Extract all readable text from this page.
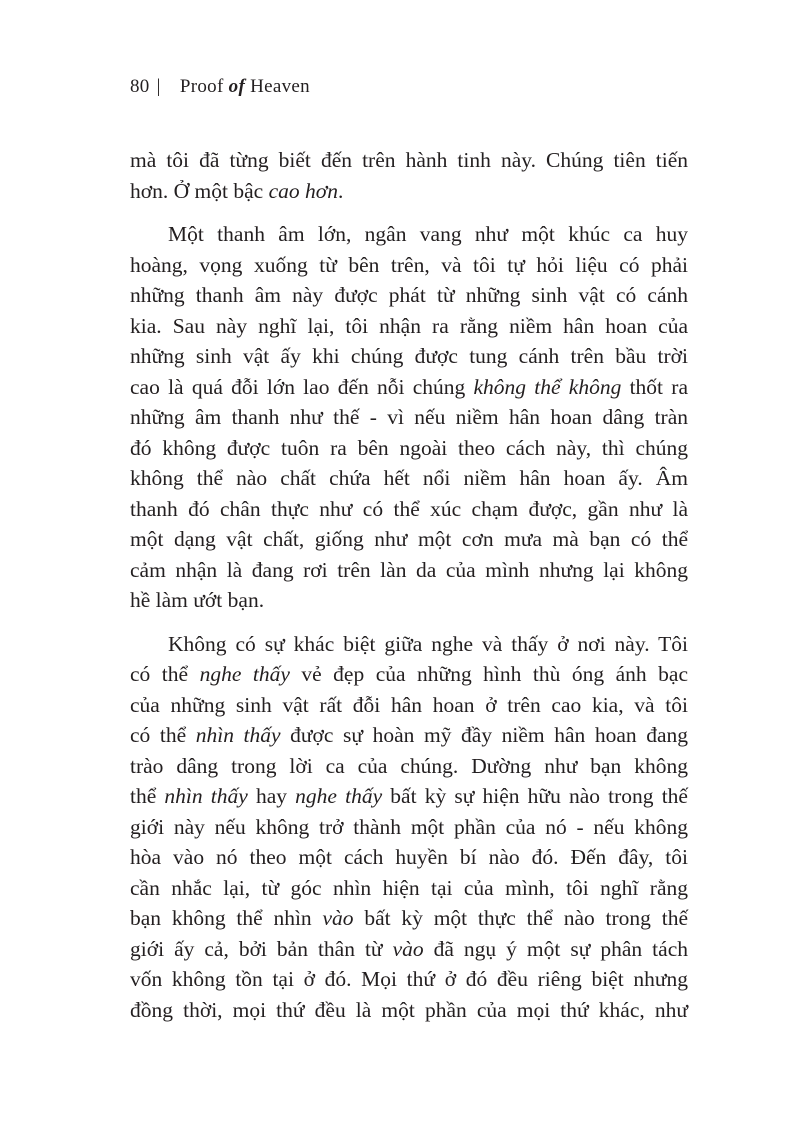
80 | Proof of Heaven
mà tôi đã từng biết đến trên hành tinh này. Chúng tiên tiến
hơn. Ở một bậc cao hơn.
Một thanh âm lớn, ngân vang như một khúc ca huy
hoàng, vọng xuống từ bên trên, và tôi tự hỏi liệu có phải
những thanh âm này được phát từ những sinh vật có cánh
kia. Sau này nghĩ lại, tôi nhận ra rằng niềm hân hoan của
những sinh vật ấy khi chúng được tung cánh trên bầu trời
cao là quá đỗi lớn lao đến nỗi chúng không thể không thốt ra
những âm thanh như thế - vì nếu niềm hân hoan dâng tràn
đó không được tuôn ra bên ngoài theo cách này, thì chúng
không thể nào chất chứa hết nổi niềm hân hoan ấy. Âm
thanh đó chân thực như có thể xúc chạm được, gần như là
một dạng vật chất, giống như một cơn mưa mà bạn có thể
cảm nhận là đang rơi trên làn da của mình nhưng lại không
hề làm ướt bạn.
Không có sự khác biệt giữa nghe và thấy ở nơi này. Tôi
có thể nghe thấy vẻ đẹp của những hình thù óng ánh bạc
của những sinh vật rất đỗi hân hoan ở trên cao kia, và tôi
có thể nhìn thấy được sự hoàn mỹ đầy niềm hân hoan đang
trào dâng trong lời ca của chúng. Dường như bạn không
thể nhìn thấy hay nghe thấy bất kỳ sự hiện hữu nào trong thế
giới này nếu không trở thành một phần của nó - nếu không
hòa vào nó theo một cách huyền bí nào đó. Đến đây, tôi
cần nhắc lại, từ góc nhìn hiện tại của mình, tôi nghĩ rằng
bạn không thể nhìn vào bất kỳ một thực thể nào trong thế
giới ấy cả, bởi bản thân từ vào đã ngụ ý một sự phân tách
vốn không tồn tại ở đó. Mọi thứ ở đó đều riêng biệt nhưng
đồng thời, mọi thứ đều là một phần của mọi thứ khác, như
